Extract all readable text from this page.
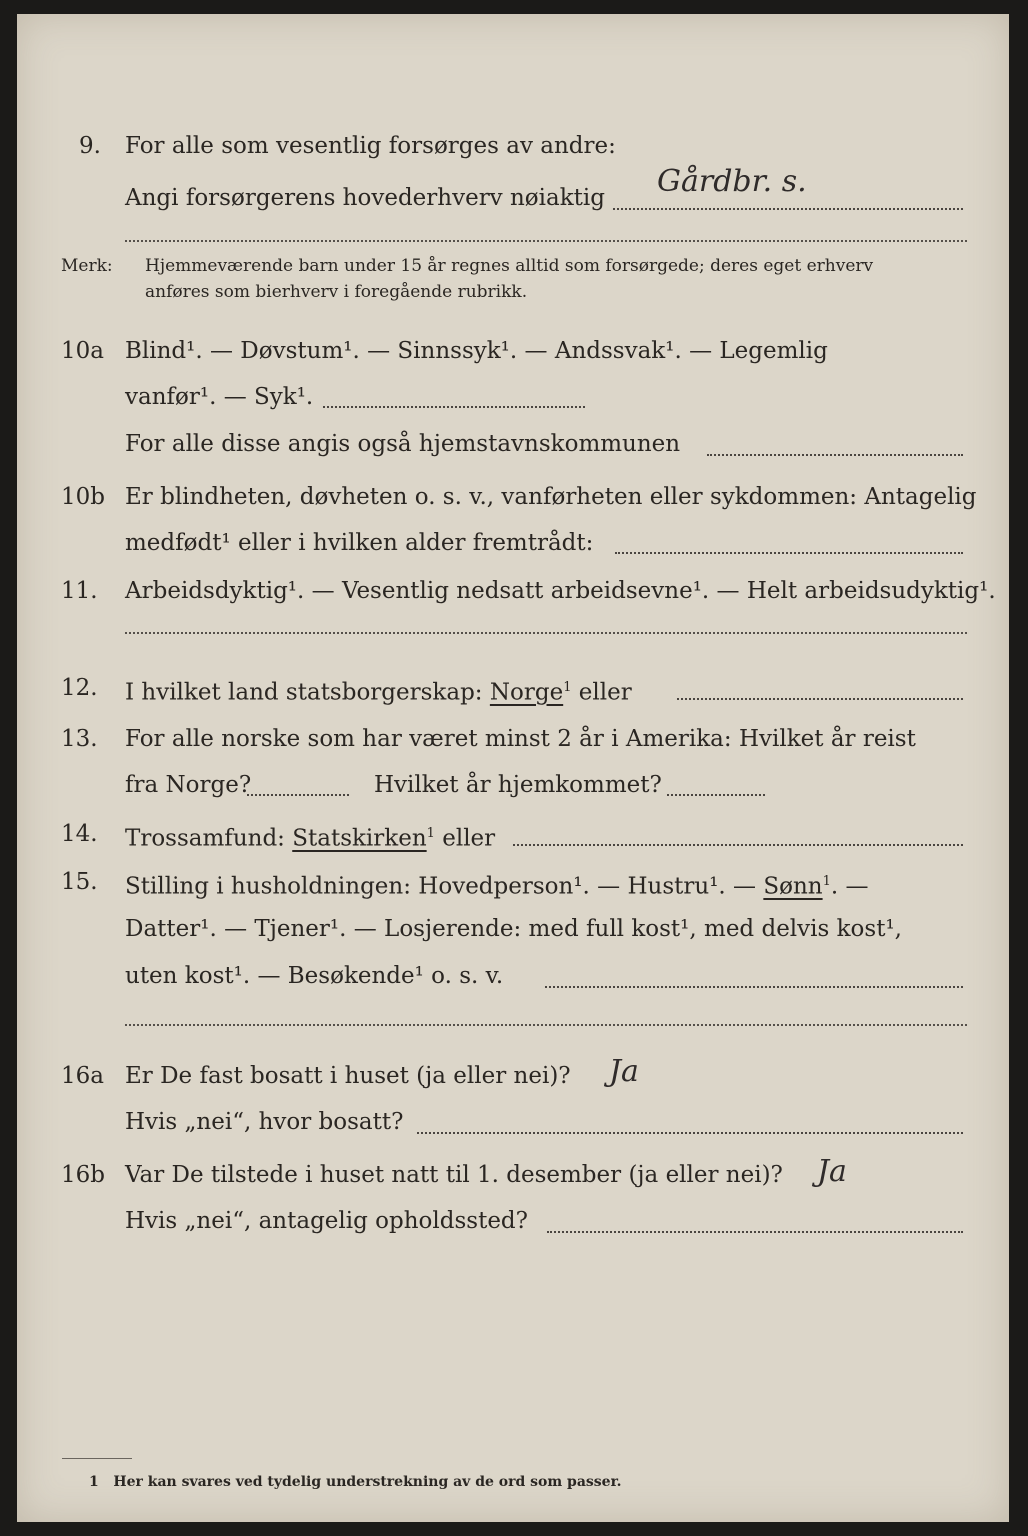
9. For alle som vesentlig forsørges av andre:
Angi forsørgerens hovederhverv nøiaktig Gårdbr. s.
Merk: Hjemmeværende barn under 15 år regnes alltid som forsørgede; deres eget erhverv
anføres som bierhverv i foregående rubrikk.
10a Blind¹. — Døvstum¹. — Sinnssyk¹. — Andssvak¹. — Legemlig
vanfør¹. — Syk¹.
For alle disse angis også hjemstavnskommunen
10b Er blindheten, døvheten o. s. v., vanførheten eller sykdommen: Antagelig
medfødt¹ eller i hvilken alder fremtrådt:
11. Arbeidsdyktig¹. — Vesentlig nedsatt arbeidsevne¹. — Helt arbeidsudyktig¹.
12. I hvilket land statsborgerskap: Norge$^1$ eller
13. For alle norske som har været minst 2 år i Amerika: Hvilket år reist
fra Norge?	Hvilket år hjemkommet?
14. Trossamfund: Statskirken$^1$ eller
15. Stilling i husholdningen: Hovedperson¹. — Hustru¹. — Sønn$^1$. —
Datter¹. — Tjener¹. — Losjerende: med full kost¹, med delvis kost¹,
uten kost¹. — Besøkende¹ o. s. v.
16a Er De fast bosatt i huset (ja eller nei)? Ja
Hvis „nei“, hvor bosatt?
16b Var De tilstede i huset natt til 1. desember (ja eller nei)? Ja
Hvis „nei“, antagelig opholdssted?
1 Her kan svares ved tydelig understrekning av de ord som passer.
